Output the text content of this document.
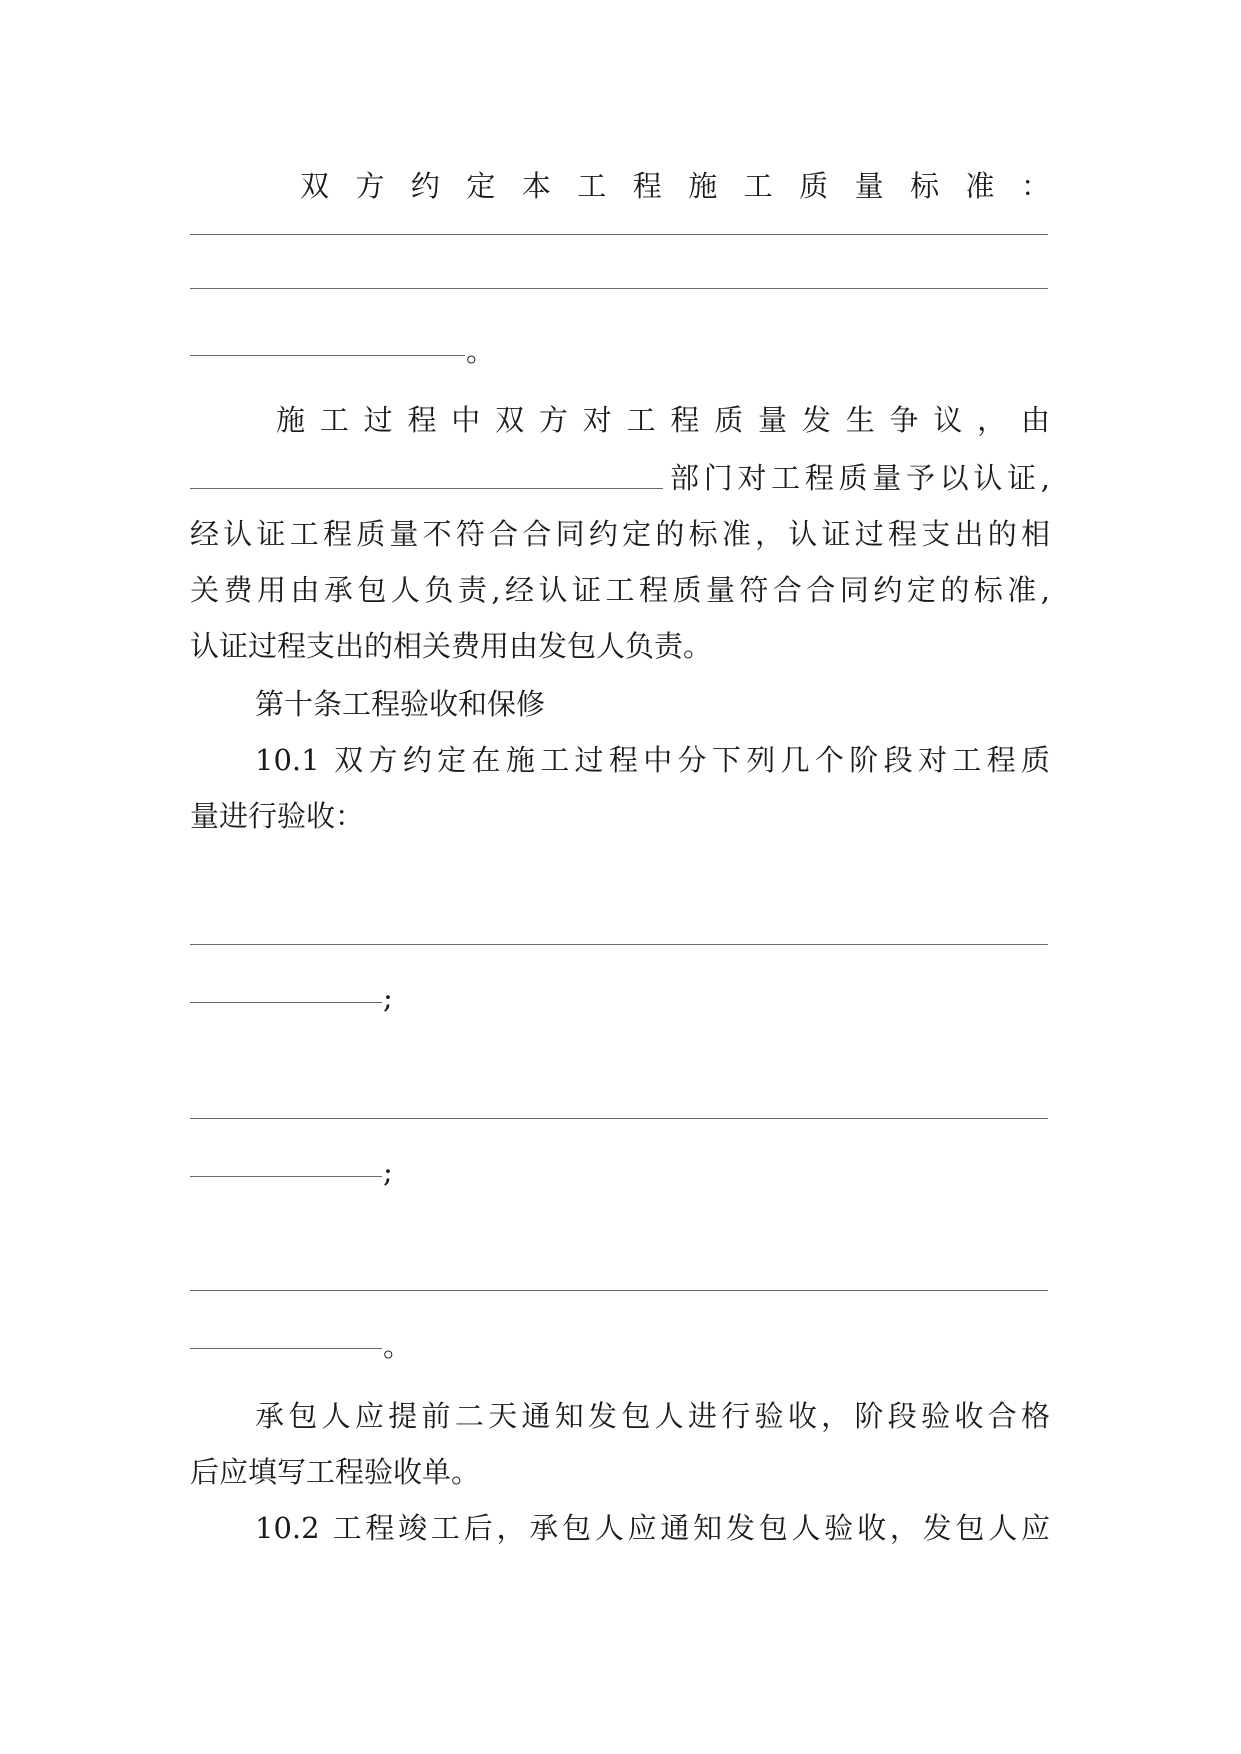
双方约定本工程施工质量标准：
。
施工过程中双方对工程质量发生争议，由
部门对工程质量予以认证,
经认证工程质量不符合合同约定的标准，认证过程支出的相
关费用由承包人负责,经认证工程质量符合合同约定的标准,
认证过程支出的相关费用由发包人负责。
第十条工程验收和保修
10.1 双方约定在施工过程中分下列几个阶段对工程质
量进行验收：
;
;
。
承包人应提前二天通知发包人进行验收，阶段验收合格
后应填写工程验收单。
10.2 工程竣工后，承包人应通知发包人验收，发包人应
